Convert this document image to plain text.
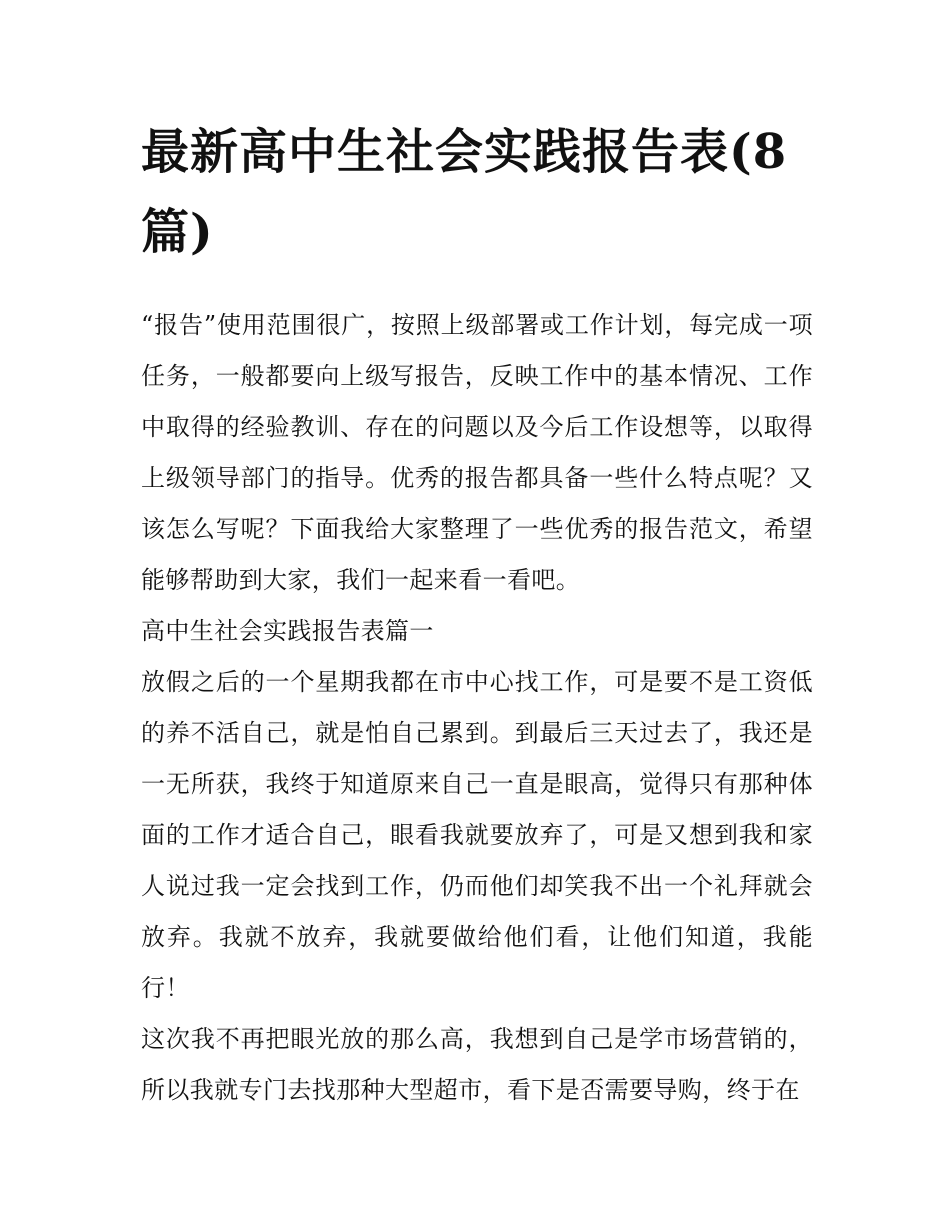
最新高中生社会实践报告表(8篇)

“报告”使用范围很广，按照上级部署或工作计划，每完成一项任务，一般都要向上级写报告，反映工作中的基本情况、工作中取得的经验教训、存在的问题以及今后工作设想等，以取得上级领导部门的指导。优秀的报告都具备一些什么特点呢？又该怎么写呢？下面我给大家整理了一些优秀的报告范文，希望能够帮助到大家，我们一起来看一看吧。

高中生社会实践报告表篇一

放假之后的一个星期我都在市中心找工作，可是要不是工资低的养不活自己，就是怕自己累到。到最后三天过去了，我还是一无所获，我终于知道原来自己一直是眼高，觉得只有那种体面的工作才适合自己，眼看我就要放弃了，可是又想到我和家人说过我一定会找到工作，仍而他们却笑我不出一个礼拜就会放弃。我就不放弃，我就要做给他们看，让他们知道，我能行！

这次我不再把眼光放的那么高，我想到自己是学市场营销的，所以我就专门去找那种大型超市，看下是否需要导购，终于在
